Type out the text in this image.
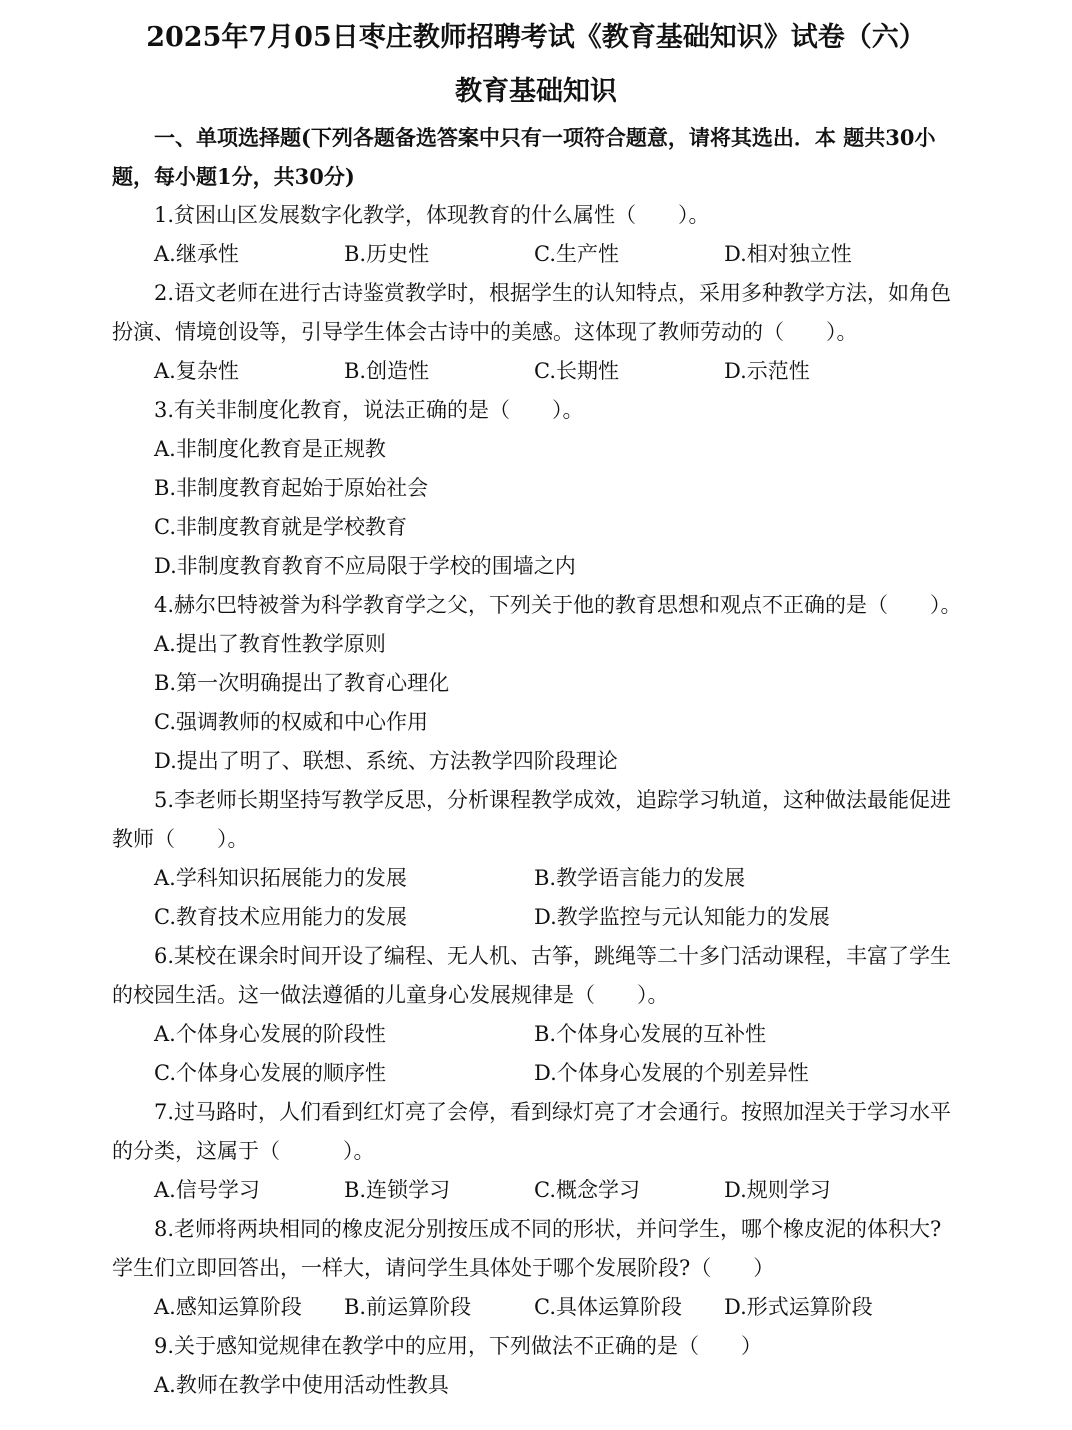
2025年7月05日枣庄教师招聘考试《教育基础知识》试卷（六）
教育基础知识
一、单项选择题(下列各题备选答案中只有一项符合题意，请将其选出．本 题共30小
题，每小题1分，共30分)
1.贫困山区发展数字化教学，体现教育的什么属性（　　）。
A.继承性	B.历史性	C.生产性	D.相对独立性
2.语文老师在进行古诗鉴赏教学时，根据学生的认知特点，采用多种教学方法，如角色
扮演、情境创设等，引导学生体会古诗中的美感。这体现了教师劳动的（　　）。
A.复杂性	B.创造性	C.长期性	D.示范性
3.有关非制度化教育，说法正确的是（　　）。
A.非制度化教育是正规教
B.非制度教育起始于原始社会
C.非制度教育就是学校教育
D.非制度教育教育不应局限于学校的围墙之内
4.赫尔巴特被誉为科学教育学之父，下列关于他的教育思想和观点不正确的是（　　）。
A.提出了教育性教学原则
B.第一次明确提出了教育心理化
C.强调教师的权威和中心作用
D.提出了明了、联想、系统、方法教学四阶段理论
5.李老师长期坚持写教学反思，分析课程教学成效，追踪学习轨道，这种做法最能促进
教师（　　）。
A.学科知识拓展能力的发展	B.教学语言能力的发展
C.教育技术应用能力的发展	D.教学监控与元认知能力的发展
6.某校在课余时间开设了编程、无人机、古筝，跳绳等二十多门活动课程，丰富了学生
的校园生活。这一做法遵循的儿童身心发展规律是（　　）。
A.个体身心发展的阶段性	B.个体身心发展的互补性
C.个体身心发展的顺序性	D.个体身心发展的个别差异性
7.过马路时，人们看到红灯亮了会停，看到绿灯亮了才会通行。按照加涅关于学习水平
的分类，这属于（　　　）。
A.信号学习	B.连锁学习	C.概念学习	D.规则学习
8.老师将两块相同的橡皮泥分别按压成不同的形状，并问学生，哪个橡皮泥的体积大?
学生们立即回答出，一样大，请问学生具体处于哪个发展阶段?（　　）
A.感知运算阶段	B.前运算阶段	C.具体运算阶段	D.形式运算阶段
9.关于感知觉规律在教学中的应用，下列做法不正确的是（　　）
A.教师在教学中使用活动性教具
